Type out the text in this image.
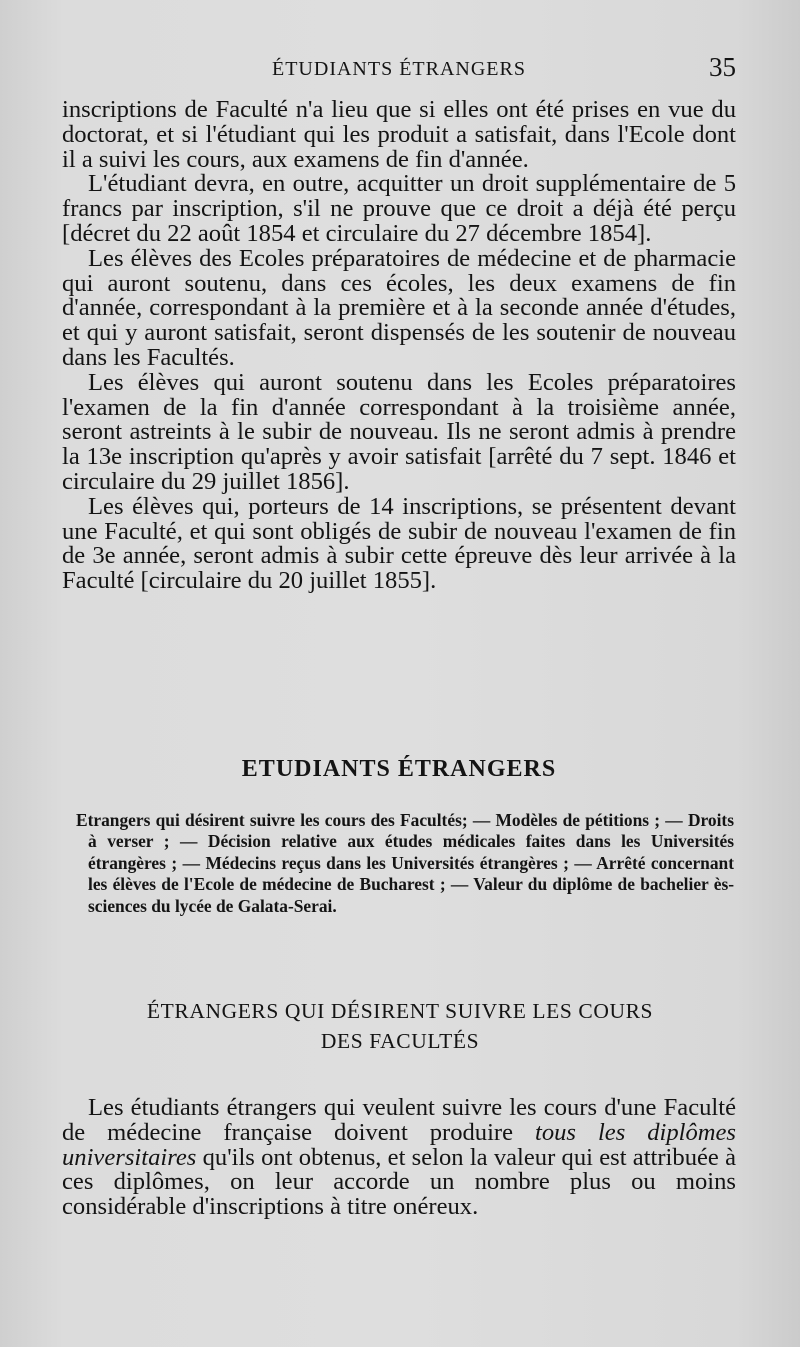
ÉTUDIANTS ÉTRANGERS	35

inscriptions de Faculté n'a lieu que si elles ont été prises en vue du doctorat, et si l'étudiant qui les produit a satisfait, dans l'Ecole dont il a suivi les cours, aux examens de fin d'année.

L'étudiant devra, en outre, acquitter un droit supplémentaire de 5 francs par inscription, s'il ne prouve que ce droit a déjà été perçu [décret du 22 août 1854 et circulaire du 27 décembre 1854].

Les élèves des Ecoles préparatoires de médecine et de pharmacie qui auront soutenu, dans ces écoles, les deux examens de fin d'année, correspondant à la première et à la seconde année d'études, et qui y auront satisfait, seront dispensés de les soutenir de nouveau dans les Facultés.

Les élèves qui auront soutenu dans les Ecoles préparatoires l'examen de la fin d'année correspondant à la troisième année, seront astreints à le subir de nouveau. Ils ne seront admis à prendre la 13e inscription qu'après y avoir satisfait [arrêté du 7 sept. 1846 et circulaire du 29 juillet 1856].

Les élèves qui, porteurs de 14 inscriptions, se présentent devant une Faculté, et qui sont obligés de subir de nouveau l'examen de fin de 3e année, seront admis à subir cette épreuve dès leur arrivée à la Faculté [circulaire du 20 juillet 1855].

ETUDIANTS ÉTRANGERS
Etrangers qui désirent suivre les cours des Facultés; — Modèles de pétitions ; — Droits à verser ; — Décision relative aux études médicales faites dans les Universités étrangères ; — Médecins reçus dans les Universités étrangères ; — Arrêté concernant les élèves de l'Ecole de médecine de Bucharest ; — Valeur du diplôme de bachelier ès-sciences du lycée de Galata-Serai.
ÉTRANGERS QUI DÉSIRENT SUIVRE LES COURS
DES FACULTÉS

Les étudiants étrangers qui veulent suivre les cours d'une Faculté de médecine française doivent produire tous les diplômes universitaires qu'ils ont obtenus, et selon la valeur qui est attribuée à ces diplômes, on leur accorde un nombre plus ou moins considérable d'inscriptions à titre onéreux.
